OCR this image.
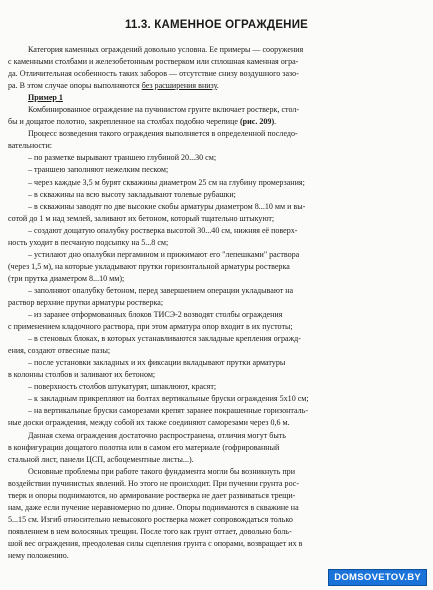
11.3. КАМЕННОЕ ОГРАЖДЕНИЕ
Категория каменных ограждений довольно условна. Ее примеры — сооружения
с каменными столбами и железобетонным ростверком или сплошная каменная огра-
да. Отличительная особенность таких заборов — отсутствие снизу воздушного зазо-
ра. В этом случае опоры выполняются без расширения внизу.
Пример 1
Комбинированное ограждение на пучинистом грунте включает ростверк, стол-
бы и дощатое полотно, закрепленное на столбах подобно черепице (рис. 209).
Процесс возведения такого ограждения выполняется в определенной последо-
вательности:
– по разметке вырывают траншею глубиной 20...30 см;
– траншею заполняют нежелким песком;
– через каждые 3,5 м бурят скважины диаметром 25 см на глубину промерзания;
– в скважины на всю высоту закладывают толевые рубашки;
– в скважины заводят по две высокие скобы арматуры диаметром 8...10 мм и вы-
сотой до 1 м над землей, заливают их бетоном, который тщательно штыкуют;
– создают дощатую опалубку ростверка высотой 30...40 см, нижняя её поверх-
ность уходит в песчаную подсыпку на 5...8 см;
– устилают дно опалубки пергамином и прижимают его "лепешками" раствора
(через 1,5 м), на которые укладывают прутки горизонтальной арматуры ростверка
(три прутка диаметром 8...10 мм);
– заполняют опалубку бетоном, перед завершением операции укладывают на
раствор верхние прутки арматуры ростверка;
– из заранее отформованных блоков ТИСЭ-2 возводят столбы ограждения
с применением кладочного раствора, при этом арматура опор входит в их пустоты;
– в стеновых блоках, в которых устанавливаются закладные крепления огражд-
ения, создают отвесные пазы;
– после установки закладных и их фиксации вкладывают прутки арматуры
в колонны столбов и заливают их бетоном;
– поверхность столбов штукатурят, шпаклюют, красят;
– к закладным прикрепляют на болтах вертикальные бруски ограждения 5х10 см;
– на вертикальные бруски саморезами крепят заранее покрашенные горизонталь-
ные доски ограждения, между собой их также соединяют саморезами через 0,6 м.
Данная схема ограждения достаточно распространена, отличия могут быть
в конфигурации дощатого полотна или в самом его материале (гофрированный
стальной лист, панели ЦСП, асбоцементные листы...).
Основные проблемы при работе такого фундамента могли бы возникнуть при
воздействии пучинистых явлений. Но этого не происходит. При пучении грунта рос-
тверк и опоры поднимаются, но армирование ростверка не дает развиваться трещи-
нам, даже если пучение неравномерно по длине. Опоры поднимаются в скважине на
5...15 см. Изгиб относительно невысокого ростверка может сопровождаться только
появлением в нем волосяных трещин. После того как грунт оттает, довольно боль-
шой вес ограждения, преодолевая силы сцепления грунта с опорами, возвращает их в
нему положению.
DOMSOVETOV.BY
